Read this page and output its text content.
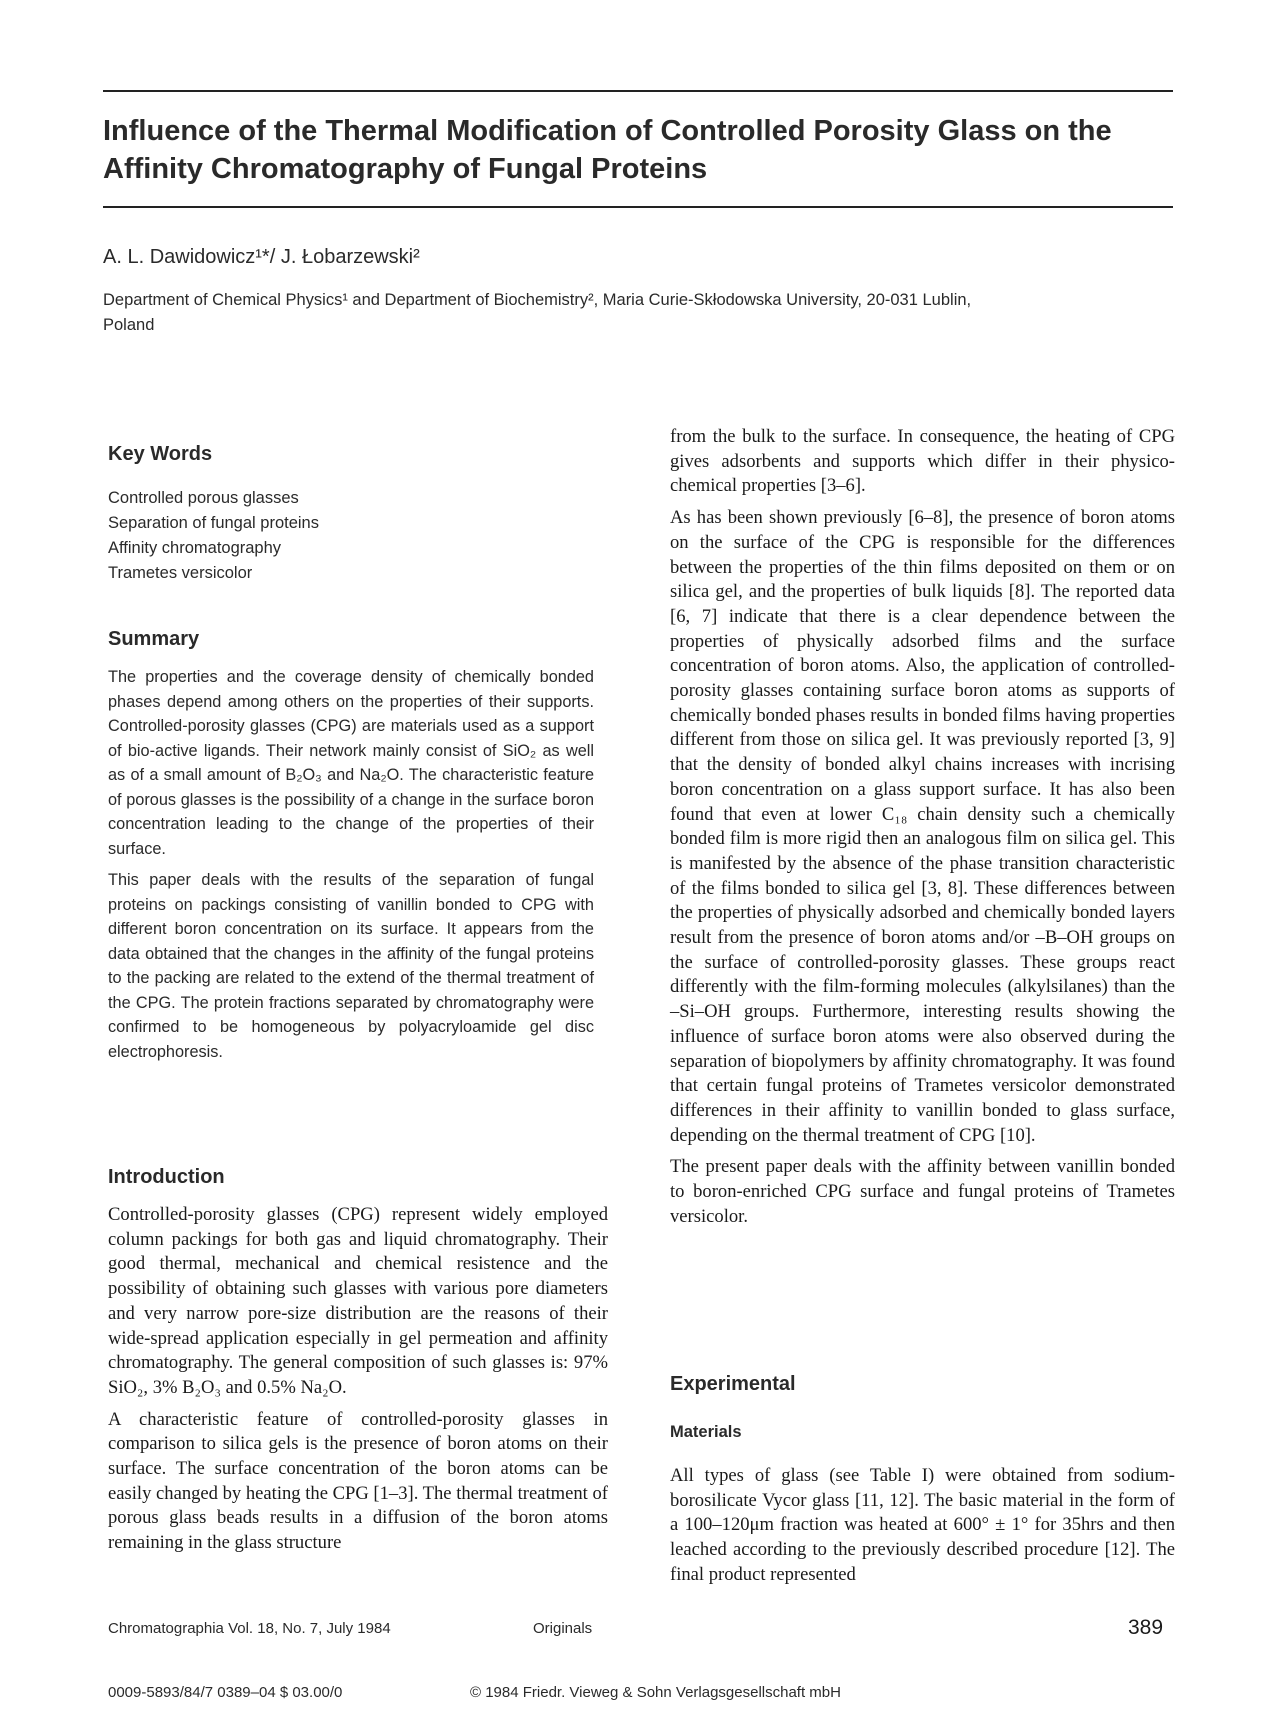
Influence of the Thermal Modification of Controlled Porosity Glass on the
Affinity Chromatography of Fungal Proteins
A. L. Dawidowicz¹*/ J. Łobarzewski²
Department of Chemical Physics¹ and Department of Biochemistry², Maria Curie-Skłodowska University, 20-031 Lublin,
Poland
Key Words
Controlled porous glasses
Separation of fungal proteins
Affinity chromatography
Trametes versicolor
Summary

The properties and the coverage density of chemically bonded phases depend among others on the properties of their supports. Controlled-porosity glasses (CPG) are materials used as a support of bio-active ligands. Their network mainly consist of SiO₂ as well as of a small amount of B₂O₃ and Na₂O. The characteristic feature of porous glasses is the possibility of a change in the surface boron concentration leading to the change of the properties of their surface.

This paper deals with the results of the separation of fungal proteins on packings consisting of vanillin bonded to CPG with different boron concentration on its surface. It appears from the data obtained that the changes in the affinity of the fungal proteins to the packing are related to the extend of the thermal treatment of the CPG. The protein fractions separated by chromatography were confirmed to be homogeneous by polyacryloamide gel disc electrophoresis.

Introduction

Controlled-porosity glasses (CPG) represent widely employed column packings for both gas and liquid chromatography. Their good thermal, mechanical and chemical resistence and the possibility of obtaining such glasses with various pore diameters and very narrow pore-size distribution are the reasons of their wide-spread application especially in gel permeation and affinity chromatography. The general composition of such glasses is: 97% SiO₂, 3% B₂O₃ and 0.5% Na₂O.

A characteristic feature of controlled-porosity glasses in comparison to silica gels is the presence of boron atoms on their surface. The surface concentration of the boron atoms can be easily changed by heating the CPG [1–3]. The thermal treatment of porous glass beads results in a diffusion of the boron atoms remaining in the glass structure

from the bulk to the surface. In consequence, the heating of CPG gives adsorbents and supports which differ in their physico-chemical properties [3–6].

As has been shown previously [6–8], the presence of boron atoms on the surface of the CPG is responsible for the differences between the properties of the thin films deposited on them or on silica gel, and the properties of bulk liquids [8]. The reported data [6, 7] indicate that there is a clear dependence between the properties of physically adsorbed films and the surface concentration of boron atoms. Also, the application of controlled-porosity glasses containing surface boron atoms as supports of chemically bonded phases results in bonded films having properties different from those on silica gel. It was previously reported [3, 9] that the density of bonded alkyl chains increases with incrising boron concentration on a glass support surface. It has also been found that even at lower C₁₈ chain density such a chemically bonded film is more rigid then an analogous film on silica gel. This is manifested by the absence of the phase transition characteristic of the films bonded to silica gel [3, 8]. These differences between the properties of physically adsorbed and chemically bonded layers result from the presence of boron atoms and/or –B–OH groups on the surface of controlled-porosity glasses. These groups react differently with the film-forming molecules (alkylsilanes) than the –Si–OH groups. Furthermore, interesting results showing the influence of surface boron atoms were also observed during the separation of biopolymers by affinity chromatography. It was found that certain fungal proteins of Trametes versicolor demonstrated differences in their affinity to vanillin bonded to glass surface, depending on the thermal treatment of CPG [10].

The present paper deals with the affinity between vanillin bonded to boron-enriched CPG surface and fungal proteins of Trametes versicolor.

Experimental
Materials

All types of glass (see Table I) were obtained from sodium-borosilicate Vycor glass [11, 12]. The basic material in the form of a 100–120μm fraction was heated at 600° ± 1° for 35hrs and then leached according to the previously described procedure [12]. The final product represented

Chromatographia Vol. 18, No. 7, July 1984	Originals	389
0009-5893/84/7 0389–04 $ 03.00/0	© 1984 Friedr. Vieweg & Sohn Verlagsgesellschaft mbH
